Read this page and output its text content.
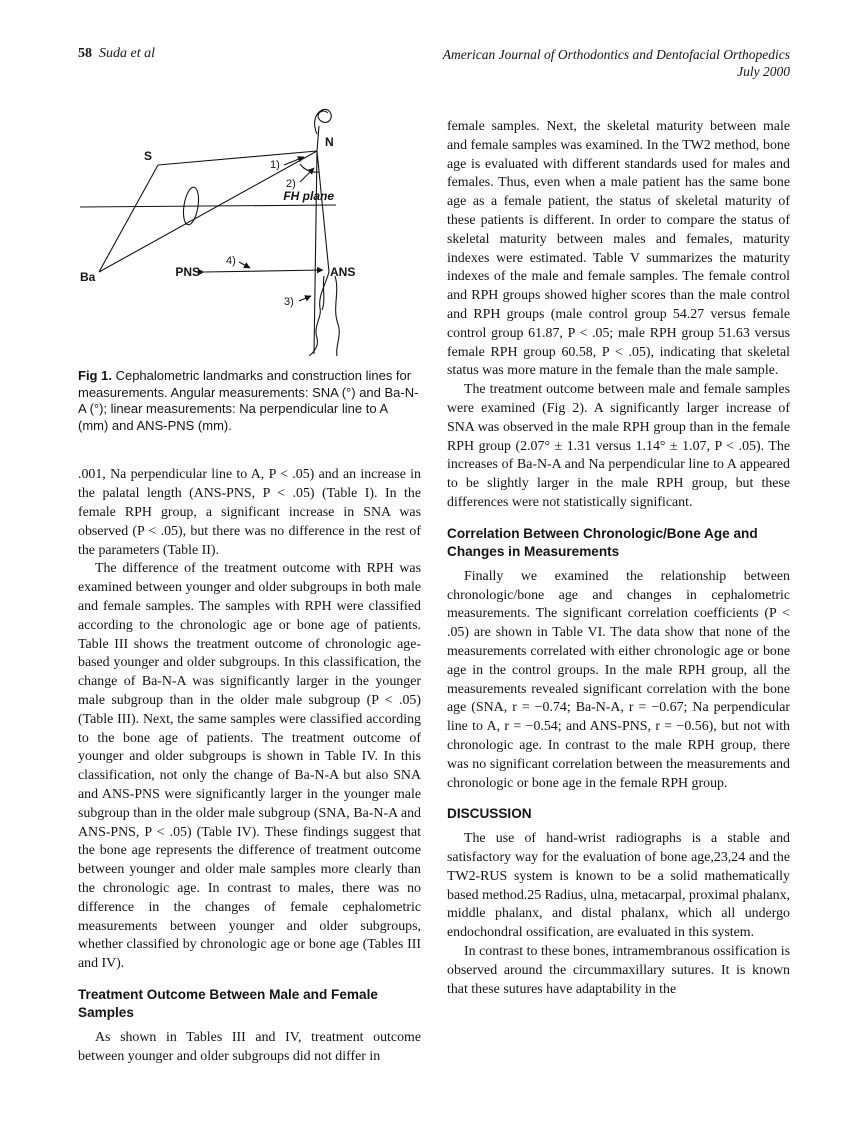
58 Suda et al	American Journal of Orthodontics and Dentofacial Orthopedics
July 2000
N
S
Ba	PNS	ANS
FH plane
1)
2)
3)
4)
Fig 1. Cephalometric landmarks and construction lines for measurements. Angular measurements: SNA (°) and Ba-N-A (°); linear measurements: Na perpendicular line to A (mm) and ANS-PNS (mm).

.001, Na perpendicular line to A, P < .05) and an increase in the palatal length (ANS-PNS, P < .05) (Table I). In the female RPH group, a significant increase in SNA was observed (P < .05), but there was no difference in the rest of the parameters (Table II).

The difference of the treatment outcome with RPH was examined between younger and older subgroups in both male and female samples. The samples with RPH were classified according to the chronologic age or bone age of patients. Table III shows the treatment outcome of chronologic age-based younger and older subgroups. In this classification, the change of Ba-N-A was significantly larger in the younger male subgroup than in the older male subgroup (P < .05) (Table III). Next, the same samples were classified according to the bone age of patients. The treatment outcome of younger and older subgroups is shown in Table IV. In this classification, not only the change of Ba-N-A but also SNA and ANS-PNS were significantly larger in the younger male subgroup than in the older male subgroup (SNA, Ba-N-A and ANS-PNS, P < .05) (Table IV). These findings suggest that the bone age represents the difference of treatment outcome between younger and older male samples more clearly than the chronologic age. In contrast to males, there was no difference in the changes of female cephalometric measurements between younger and older subgroups, whether classified by chronologic age or bone age (Tables III and IV).

Treatment Outcome Between Male and Female Samples

As shown in Tables III and IV, treatment outcome between younger and older subgroups did not differ in

female samples. Next, the skeletal maturity between male and female samples was examined. In the TW2 method, bone age is evaluated with different standards used for males and females. Thus, even when a male patient has the same bone age as a female patient, the status of skeletal maturity of these patients is different. In order to compare the status of skeletal maturity between males and females, maturity indexes were estimated. Table V summarizes the maturity indexes of the male and female samples. The female control and RPH groups showed higher scores than the male control and RPH groups (male control group 54.27 versus female control group 61.87, P < .05; male RPH group 51.63 versus female RPH group 60.58, P < .05), indicating that skeletal status was more mature in the female than the male sample.

The treatment outcome between male and female samples were examined (Fig 2). A significantly larger increase of SNA was observed in the male RPH group than in the female RPH group (2.07° ± 1.31 versus 1.14° ± 1.07, P < .05). The increases of Ba-N-A and Na perpendicular line to A appeared to be slightly larger in the male RPH group, but these differences were not statistically significant.

Correlation Between Chronologic/Bone Age and Changes in Measurements

Finally we examined the relationship between chronologic/bone age and changes in cephalometric measurements. The significant correlation coefficients (P < .05) are shown in Table VI. The data show that none of the measurements correlated with either chronologic age or bone age in the control groups. In the male RPH group, all the measurements revealed significant correlation with the bone age (SNA, r = −0.74; Ba-N-A, r = −0.67; Na perpendicular line to A, r = −0.54; and ANS-PNS, r = −0.56), but not with chronologic age. In contrast to the male RPH group, there was no significant correlation between the measurements and chronologic or bone age in the female RPH group.

DISCUSSION

The use of hand-wrist radiographs is a stable and satisfactory way for the evaluation of bone age,23,24 and the TW2-RUS system is known to be a solid mathematically based method.25 Radius, ulna, metacarpal, proximal phalanx, middle phalanx, and distal phalanx, which all undergo endochondral ossification, are evaluated in this system.

In contrast to these bones, intramembranous ossification is observed around the circummaxillary sutures. It is known that these sutures have adaptability in the
